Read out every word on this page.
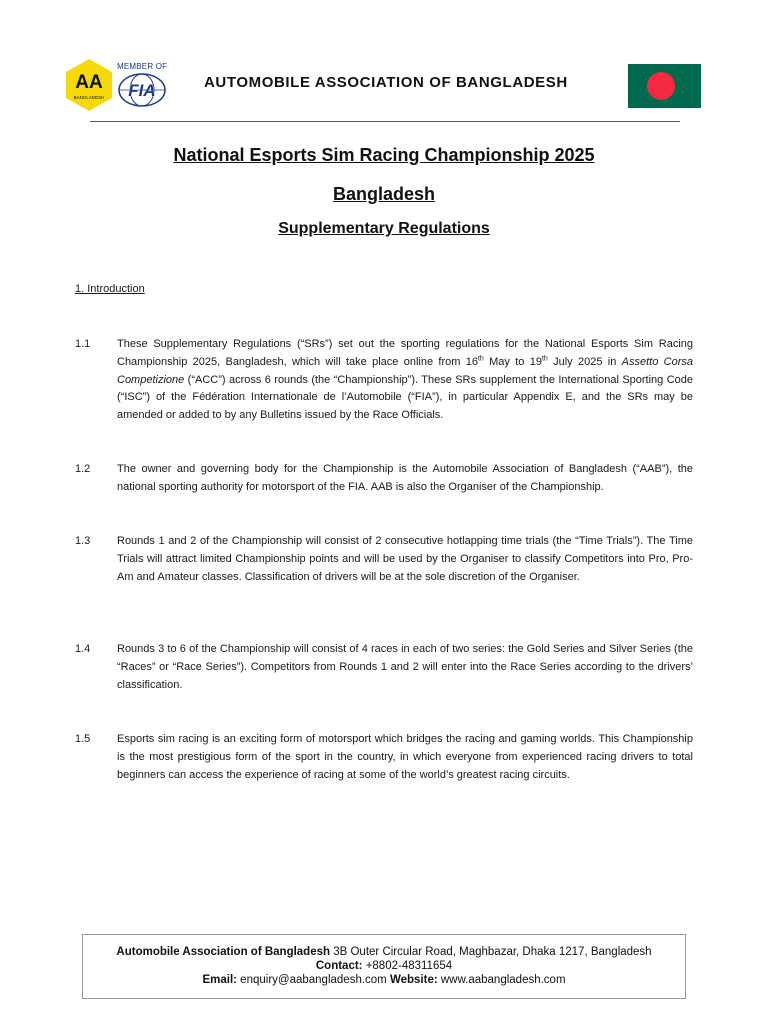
AA
BANGLADESH
MEMBER OF
FIA	AUTOMOBILE ASSOCIATION OF BANGLADESH
National Esports Sim Racing Championship 2025
Bangladesh
Supplementary Regulations
1. Introduction
1.1 These Supplementary Regulations (“SRs”) set out the sporting regulations for the National Esports Sim Racing Championship 2025, Bangladesh, which will take place online from 16th May to 19th July 2025 in Assetto Corsa Competizione (“ACC”) across 6 rounds (the “Championship”). These SRs supplement the International Sporting Code (“ISC”) of the Fédération Internationale de l’Automobile (“FIA”), in particular Appendix E, and the SRs may be amended or added to by any Bulletins issued by the Race Officials.
1.2 The owner and governing body for the Championship is the Automobile Association of Bangladesh (“AAB”), the national sporting authority for motorsport of the FIA. AAB is also the Organiser of the Championship.
1.3 Rounds 1 and 2 of the Championship will consist of 2 consecutive hotlapping time trials (the “Time Trials”). The Time Trials will attract limited Championship points and will be used by the Organiser to classify Competitors into Pro, Pro-Am and Amateur classes. Classification of drivers will be at the sole discretion of the Organiser.
1.4 Rounds 3 to 6 of the Championship will consist of 4 races in each of two series: the Gold Series and Silver Series (the “Races” or “Race Series”). Competitors from Rounds 1 and 2 will enter into the Race Series according to the drivers’ classification.
1.5 Esports sim racing is an exciting form of motorsport which bridges the racing and gaming worlds. This Championship is the most prestigious form of the sport in the country, in which everyone from experienced racing drivers to total beginners can access the experience of racing at some of the world’s greatest racing circuits.
Automobile Association of Bangladesh 3B Outer Circular Road, Maghbazar, Dhaka 1217, Bangladesh
Contact: +8802-48311654
Email: enquiry@aabangladesh.com Website: www.aabangladesh.com
